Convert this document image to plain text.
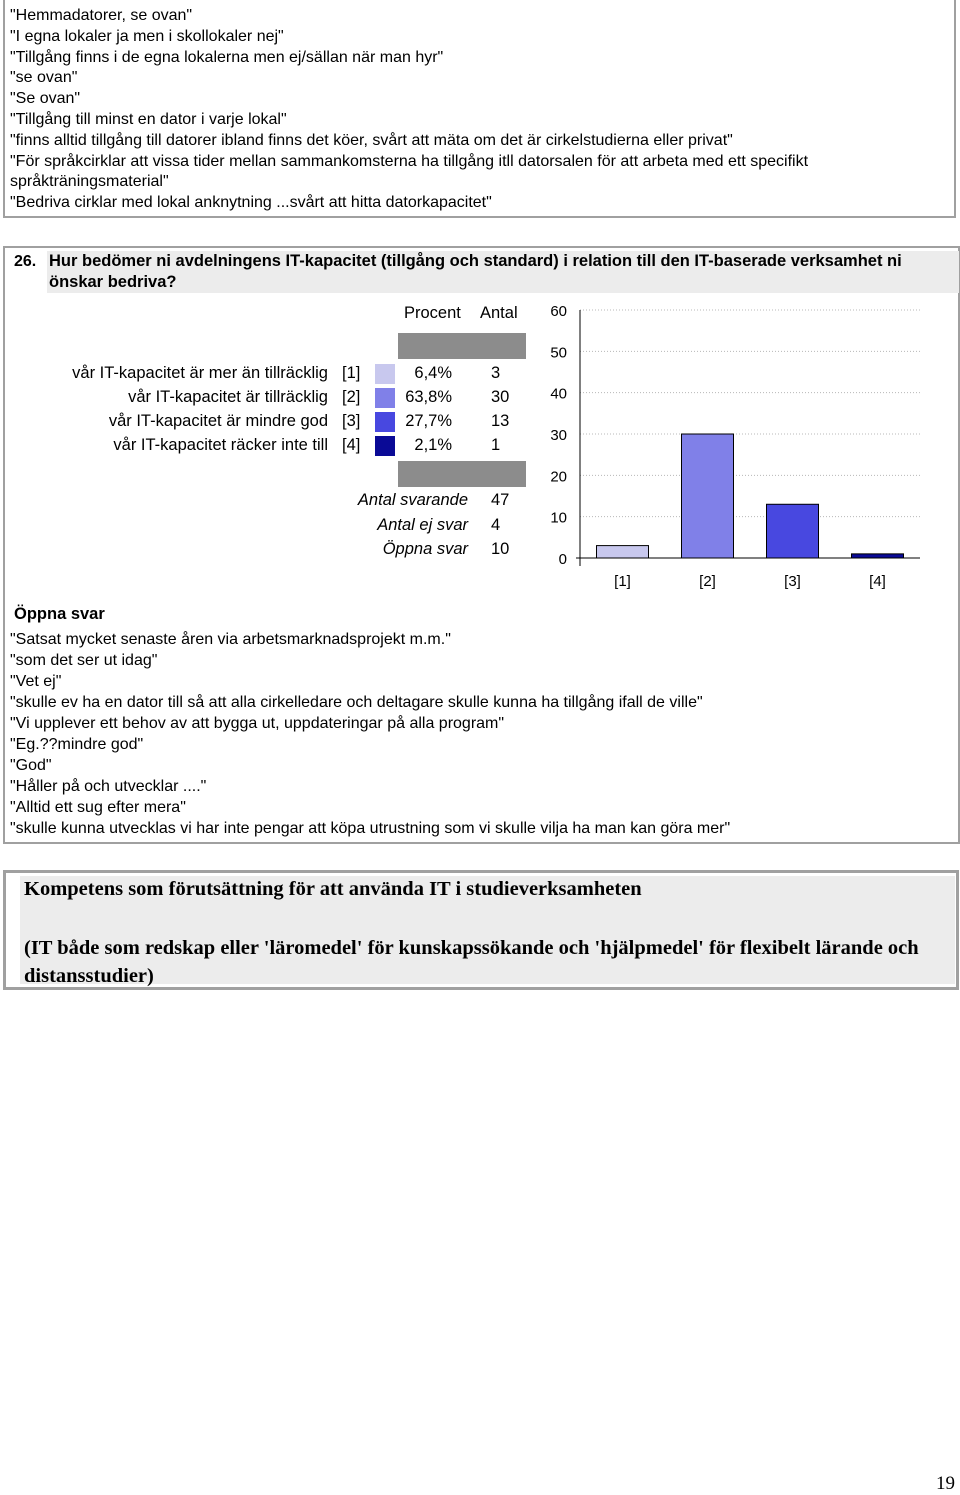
"Hemmadatorer, se ovan"
"I egna lokaler ja men i skollokaler nej"
"Tillgång finns i de egna lokalerna men ej/sällan när man hyr"
"se ovan"
"Se ovan"
"Tillgång till minst en dator i varje lokal"
"finns alltid tillgång till datorer ibland finns det köer, svårt att mäta om det är cirkelstudierna eller privat"
"För språkcirklar att vissa tider mellan sammankomsterna ha tillgång itll datorsalen för att arbeta med ett specifikt
språkträningsmaterial"
"Bedriva cirklar med lokal anknytning ...svårt att hitta datorkapacitet"
26. Hur bedömer ni avdelningens IT-kapacitet (tillgång och standard) i relation till den IT-baserade verksamhet ni önskar bedriva?
Procent Antal
vår IT-kapacitet är mer än tillräcklig [1]	6,4% 3
vår IT-kapacitet är tillräcklig [2]	63,8% 30
vår IT-kapacitet är mindre god [3]	27,7% 13
vår IT-kapacitet räcker inte till [4]	2,1% 1
Antal svarande 47
Antal ej svar 4
Öppna svar 10
0
10
20
30
40
50
60
[1]	[2]	[3]	[4]
Öppna svar
"Satsat mycket senaste åren via arbetsmarknadsprojekt m.m."
"som det ser ut idag"
"Vet ej"
"skulle ev ha en dator till så att alla cirkelledare och deltagare skulle kunna ha tillgång ifall de ville"
"Vi upplever ett behov av att bygga ut, uppdateringar på alla program"
"Eg.??mindre god"
"God"
"Håller på och utvecklar ...."
"Alltid ett sug efter mera"
"skulle kunna utvecklas vi har inte pengar att köpa utrustning som vi skulle vilja ha man kan göra mer"
Kompetens som förutsättning för att använda IT i studieverksamheten
(IT både som redskap eller 'läromedel' för kunskapssökande och 'hjälpmedel' för flexibelt lärande och distansstudier)
19
